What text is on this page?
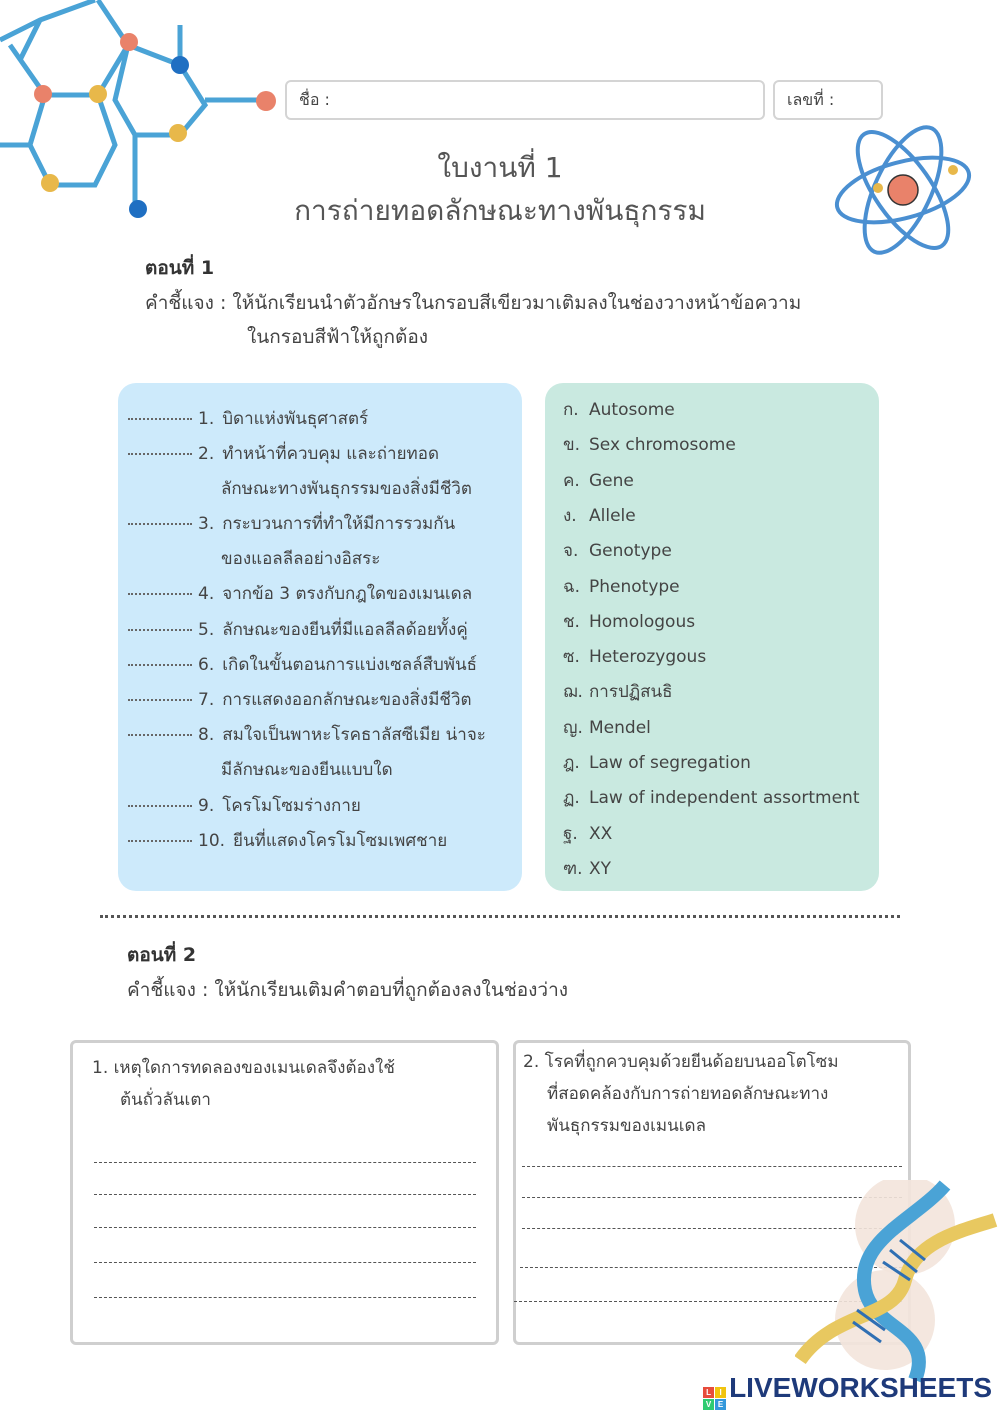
ชื่อ :	เลขที่ :
ใบงานที่ 1
การถ่ายทอดลักษณะทางพันธุกรรม
ตอนที่ 1
คำชี้แจง : ให้นักเรียนนำตัวอักษรในกรอบสีเขียวมาเติมลงในช่องวางหน้าข้อความ
ในกรอบสีฟ้าให้ถูกต้อง
1. บิดาแห่งพันธุศาสตร์
2. ทำหน้าที่ควบคุม และถ่ายทอด
ลักษณะทางพันธุกรรมของสิ่งมีชีวิต
3. กระบวนการที่ทำให้มีการรวมกัน
ของแอลลีลอย่างอิสระ
4. จากข้อ 3 ตรงกับกฎใดของเมนเดล
5. ลักษณะของยีนที่มีแอลลีลด้อยทั้งคู่
6. เกิดในขั้นตอนการแบ่งเซลล์สืบพันธ์
7. การแสดงออกลักษณะของสิ่งมีชีวิต
8. สมใจเป็นพาหะโรคธาลัสซีเมีย น่าจะ
มีลักษณะของยีนแบบใด
9. โครโมโซมร่างกาย
10. ยีนที่แสดงโครโมโซมเพศชาย
ก. Autosome
ข. Sex chromosome
ค. Gene
ง. Allele
จ. Genotype
ฉ. Phenotype
ช. Homologous
ซ. Heterozygous
ฌ. การปฏิสนธิ
ญ. Mendel
ฎ. Law of segregation
ฏ. Law of independent assortment
ฐ. XX
ฑ. XY
ตอนที่ 2
คำชี้แจง : ให้นักเรียนเติมคำตอบที่ถูกต้องลงในช่องว่าง
1. เหตุใดการทดลองของเมนเดลจึงต้องใช้
ต้นถั่วลันเตา
2. โรคที่ถูกควบคุมด้วยยีนด้อยบนออโตโซม
ที่สอดคล้องกับการถ่ายทอดลักษณะทาง
พันธุกรรมของเมนเดล
L	I
V E
LIVEWORKSHEETS
